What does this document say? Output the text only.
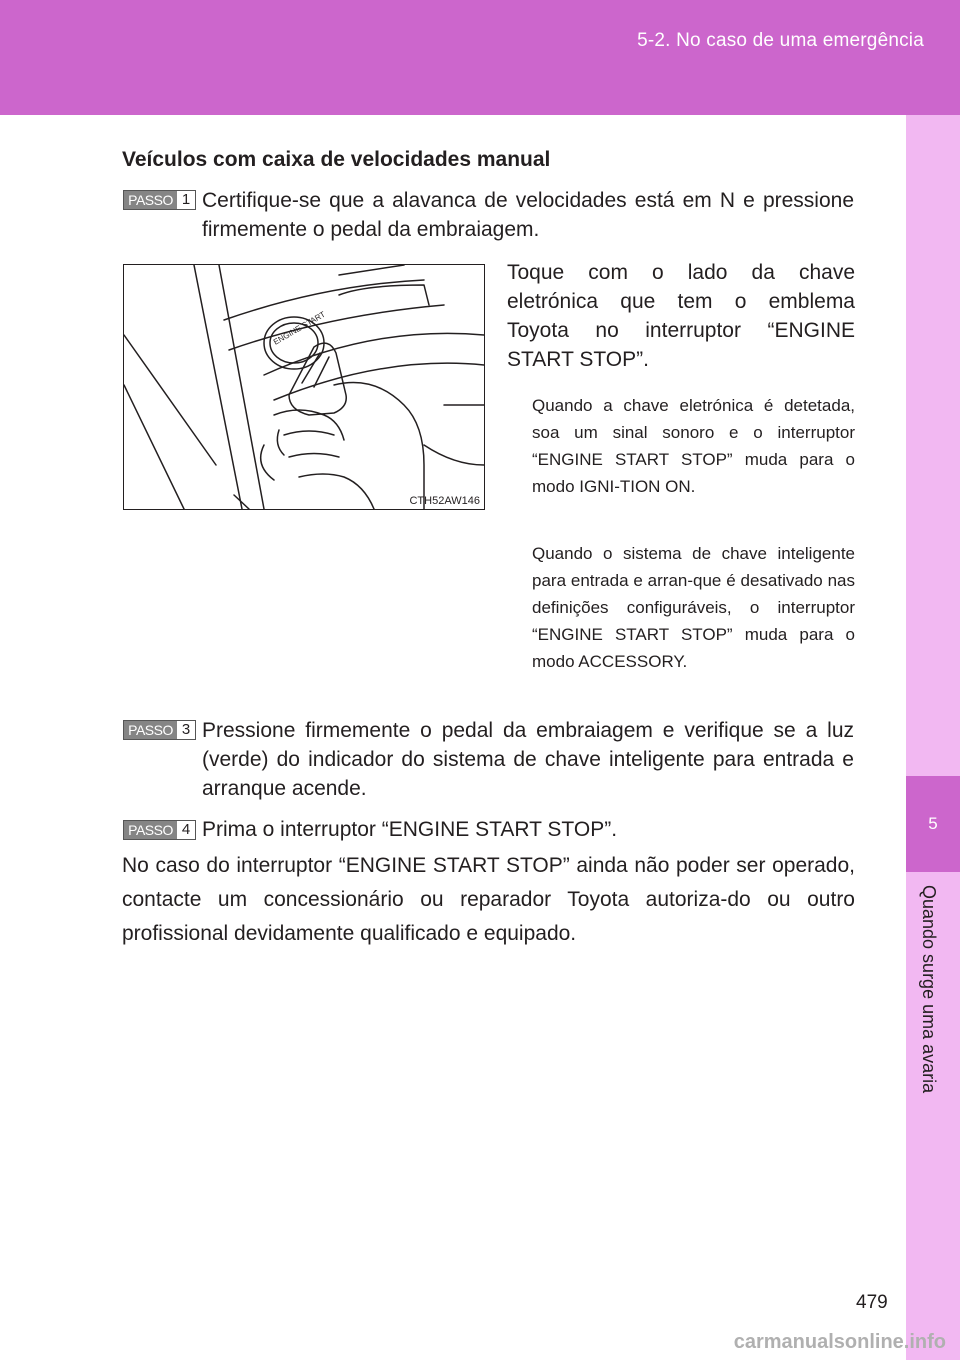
5-2. No caso de uma emergência
5
Quando surge uma avaria
Veículos com caixa de velocidades manual
PASSO 1 Certifique-se que a alavanca de velocidades está em N e pressione firmemente o pedal da embraiagem.
ENGINE START
CTH52AW146
Toque com o lado da chave eletrónica que tem o emblema Toyota no interruptor “ENGINE START STOP”.
Quando a chave eletrónica é detetada, soa um sinal sonoro e o interruptor “ENGINE START STOP” muda para o modo IGNI-TION ON.
Quando o sistema de chave inteligente para entrada e arran-que é desativado nas definições configuráveis, o interruptor “ENGINE START STOP” muda para o modo ACCESSORY.
PASSO 3 Pressione firmemente o pedal da embraiagem e verifique se a luz (verde) do indicador do sistema de chave inteligente para entrada e arranque acende.
PASSO 4 Prima o interruptor “ENGINE START STOP”.
No caso do interruptor “ENGINE START STOP” ainda não poder ser operado, contacte um concessionário ou reparador Toyota autoriza-do ou outro profissional devidamente qualificado e equipado.
479
carmanualsonline.info
